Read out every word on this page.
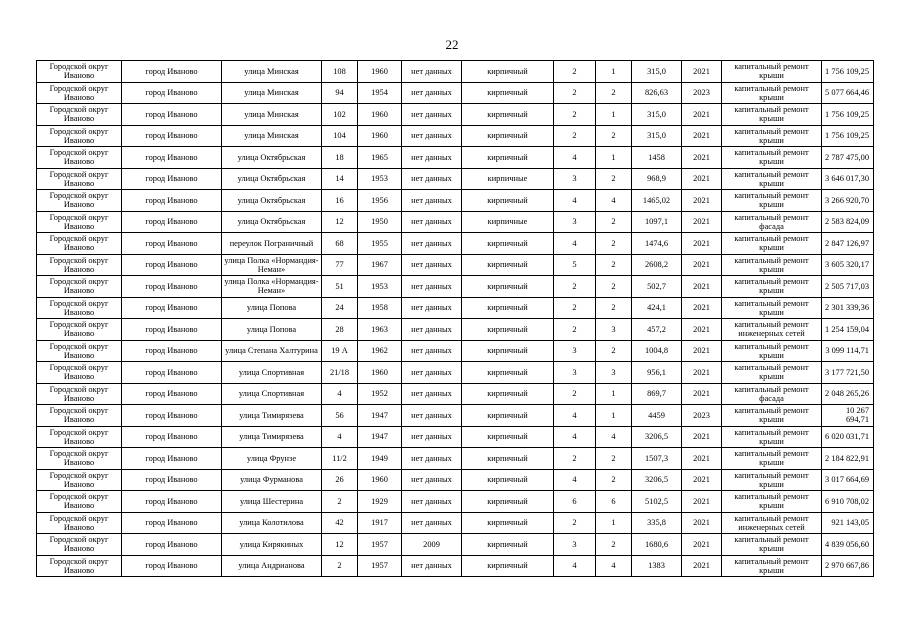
22
Городской округ Иваново	город Иваново	улица Минская	108	1960	нет данных	кирпичный	2	1	315,0	2021	капитальный ремонт крыши	1 756 109,25
Городской округ Иваново	город Иваново	улица Минская	94	1954	нет данных	кирпичный	2	2	826,63	2023	капитальный ремонт крыши	5 077 664,46
Городской округ Иваново	город Иваново	улица Минская	102	1960	нет данных	кирпичный	2	1	315,0	2021	капитальный ремонт крыши	1 756 109,25
Городской округ Иваново	город Иваново	улица Минская	104	1960	нет данных	кирпичный	2	2	315,0	2021	капитальный ремонт крыши	1 756 109,25
Городской округ Иваново	город Иваново	улица Октябрьская	18	1965	нет данных	кирпичный	4	1	1458	2021	капитальный ремонт крыши	2 787 475,00
Городской округ Иваново	город Иваново	улица Октябрьская	14	1953	нет данных	кирпичные	3	2	968,9	2021	капитальный ремонт крыши	3 646 017,30
Городской округ Иваново	город Иваново	улица Октябрьская	16	1956	нет данных	кирпичный	4	4	1465,02	2021	капитальный ремонт крыши	3 266 920,70
Городской округ Иваново	город Иваново	улица Октябрьская	12	1950	нет данных	кирпичные	3	2	1097,1	2021	капитальный ремонт фасада	2 583 824,09
Городской округ Иваново	город Иваново	переулок Пограничный	68	1955	нет данных	кирпичный	4	2	1474,6	2021	капитальный ремонт крыши	2 847 126,97
Городской округ Иваново	город Иваново	улица Полка «Нормандия-Неман»	77	1967	нет данных	кирпичный	5	2	2608,2	2021	капитальный ремонт крыши	3 605 320,17
Городской округ Иваново	город Иваново	улица Полка «Нормандия-Неман»	51	1953	нет данных	кирпичный	2	2	502,7	2021	капитальный ремонт крыши	2 505 717,03
Городской округ Иваново	город Иваново	улица Попова	24	1958	нет данных	кирпичный	2	2	424,1	2021	капитальный ремонт крыши	2 301 339,36
Городской округ Иваново	город Иваново	улица Попова	28	1963	нет данных	кирпичный	2	3	457,2	2021	капитальный ремонт инженерных сетей	1 254 159,04
Городской округ Иваново	город Иваново	улица Степана Халтурина	19 А	1962	нет данных	кирпичный	3	2	1004,8	2021	капитальный ремонт крыши	3 099 114,71
Городской округ Иваново	город Иваново	улица Спортивная	21/18	1960	нет данных	кирпичный	3	3	956,1	2021	капитальный ремонт крыши	3 177 721,50
Городской округ Иваново	город Иваново	улица Спортивная	4	1952	нет данных	кирпичный	2	1	869,7	2021	капитальный ремонт фасада	2 048 265,26
Городской округ Иваново	город Иваново	улица Тимирязева	56	1947	нет данных	кирпичный	4	1	4459	2023	капитальный ремонт крыши	10 267 694,71
Городской округ Иваново	город Иваново	улица Тимирязева	4	1947	нет данных	кирпичный	4	4	3206,5	2021	капитальный ремонт крыши	6 020 031,71
Городской округ Иваново	город Иваново	улица Фрунзе	11/2	1949	нет данных	кирпичный	2	2	1507,3	2021	капитальный ремонт крыши	2 184 822,91
Городской округ Иваново	город Иваново	улица Фурманова	26	1960	нет данных	кирпичный	4	2	3206,5	2021	капитальный ремонт крыши	3 017 664,69
Городской округ Иваново	город Иваново	улица Шестерина	2	1929	нет данных	кирпичный	6	6	5102,5	2021	капитальный ремонт крыши	6 910 708,02
Городской округ Иваново	город Иваново	улица Колотилова	42	1917	нет данных	кирпичный	2	1	335,8	2021	капитальный ремонт инженерных сетей	921 143,05
Городской округ Иваново	город Иваново	улица Кирякиных	12	1957	2009	кирпичный	3	2	1680,6	2021	капитальный ремонт крыши	4 839 056,60
Городской округ Иваново	город Иваново	улица Андрианова	2	1957	нет данных	кирпичный	4	4	1383	2021	капитальный ремонт крыши	2 970 667,86
